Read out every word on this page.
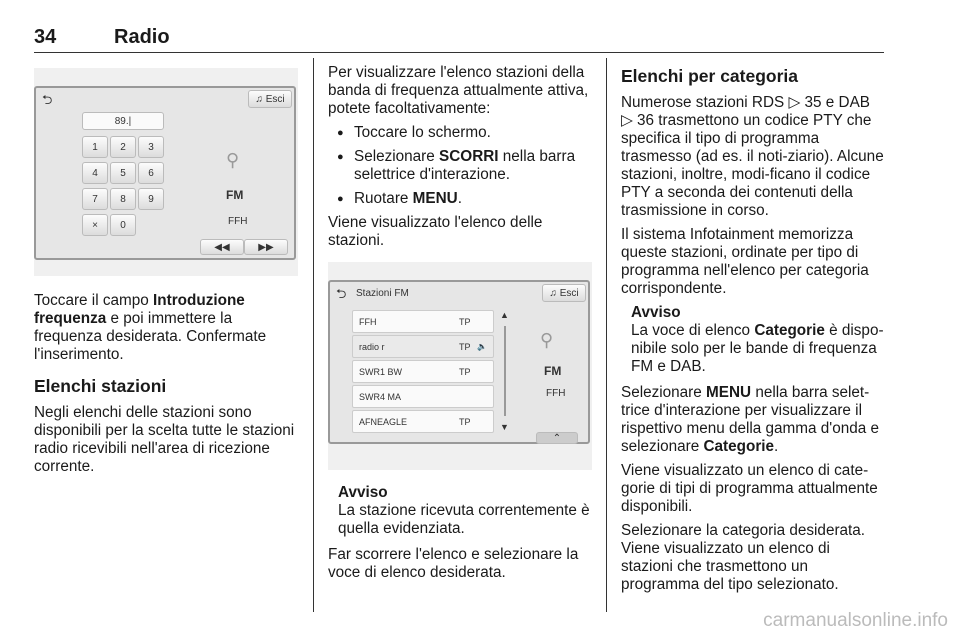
34	Radio
⮌	♫ Esci
89. |
1	2	3
4	5	6
7	8	9
×	0
⚲
FM
FFH
◀◀	▶▶

Toccare il campo Introduzione frequenza e poi immettere la frequenza desiderata. Confermate l'inserimento.

Elenchi stazioni

Negli elenchi delle stazioni sono disponibili per la scelta tutte le stazioni radio ricevibili nell'area di ricezione corrente.

Per visualizzare l'elenco stazioni della banda di frequenza attualmente attiva, potete facoltativamente:

● Toccare lo schermo.
● Selezionare SCORRI nella barra selettrice d'interazione.
● Ruotare MENU.

Viene visualizzato l'elenco delle stazioni.

⮌ Stazioni FM	♫ Esci
FFH	TP
radio r	TP 🔈
SWR1 BW	TP
SWR4 MA
AFNEAGLE	TP
▲
▼
⚲
FM
FFH
⌃
Avviso
La stazione ricevuta correntemente è quella evidenziata.

Far scorrere l'elenco e selezionare la voce di elenco desiderata.

Elenchi per categoria

Numerose stazioni RDS ▷ 35 e DAB ▷ 36 trasmettono un codice PTY che specifica il tipo di programma trasmesso (ad es. il noti-ziario). Alcune stazioni, inoltre, modi-ficano il codice PTY a seconda dei contenuti della trasmissione in corso.

Il sistema Infotainment memorizza queste stazioni, ordinate per tipo di programma nell'elenco per categoria corrispondente.

Avviso
La voce di elenco Categorie è dispo-nibile solo per le bande di frequenza FM e DAB.

Selezionare MENU nella barra selet-trice d'interazione per visualizzare il rispettivo menu della gamma d'onda e selezionare Categorie.

Viene visualizzato un elenco di cate-gorie di tipi di programma attualmente disponibili.

Selezionare la categoria desiderata. Viene visualizzato un elenco di stazioni che trasmettono un programma del tipo selezionato.

carmanualsonline.info
